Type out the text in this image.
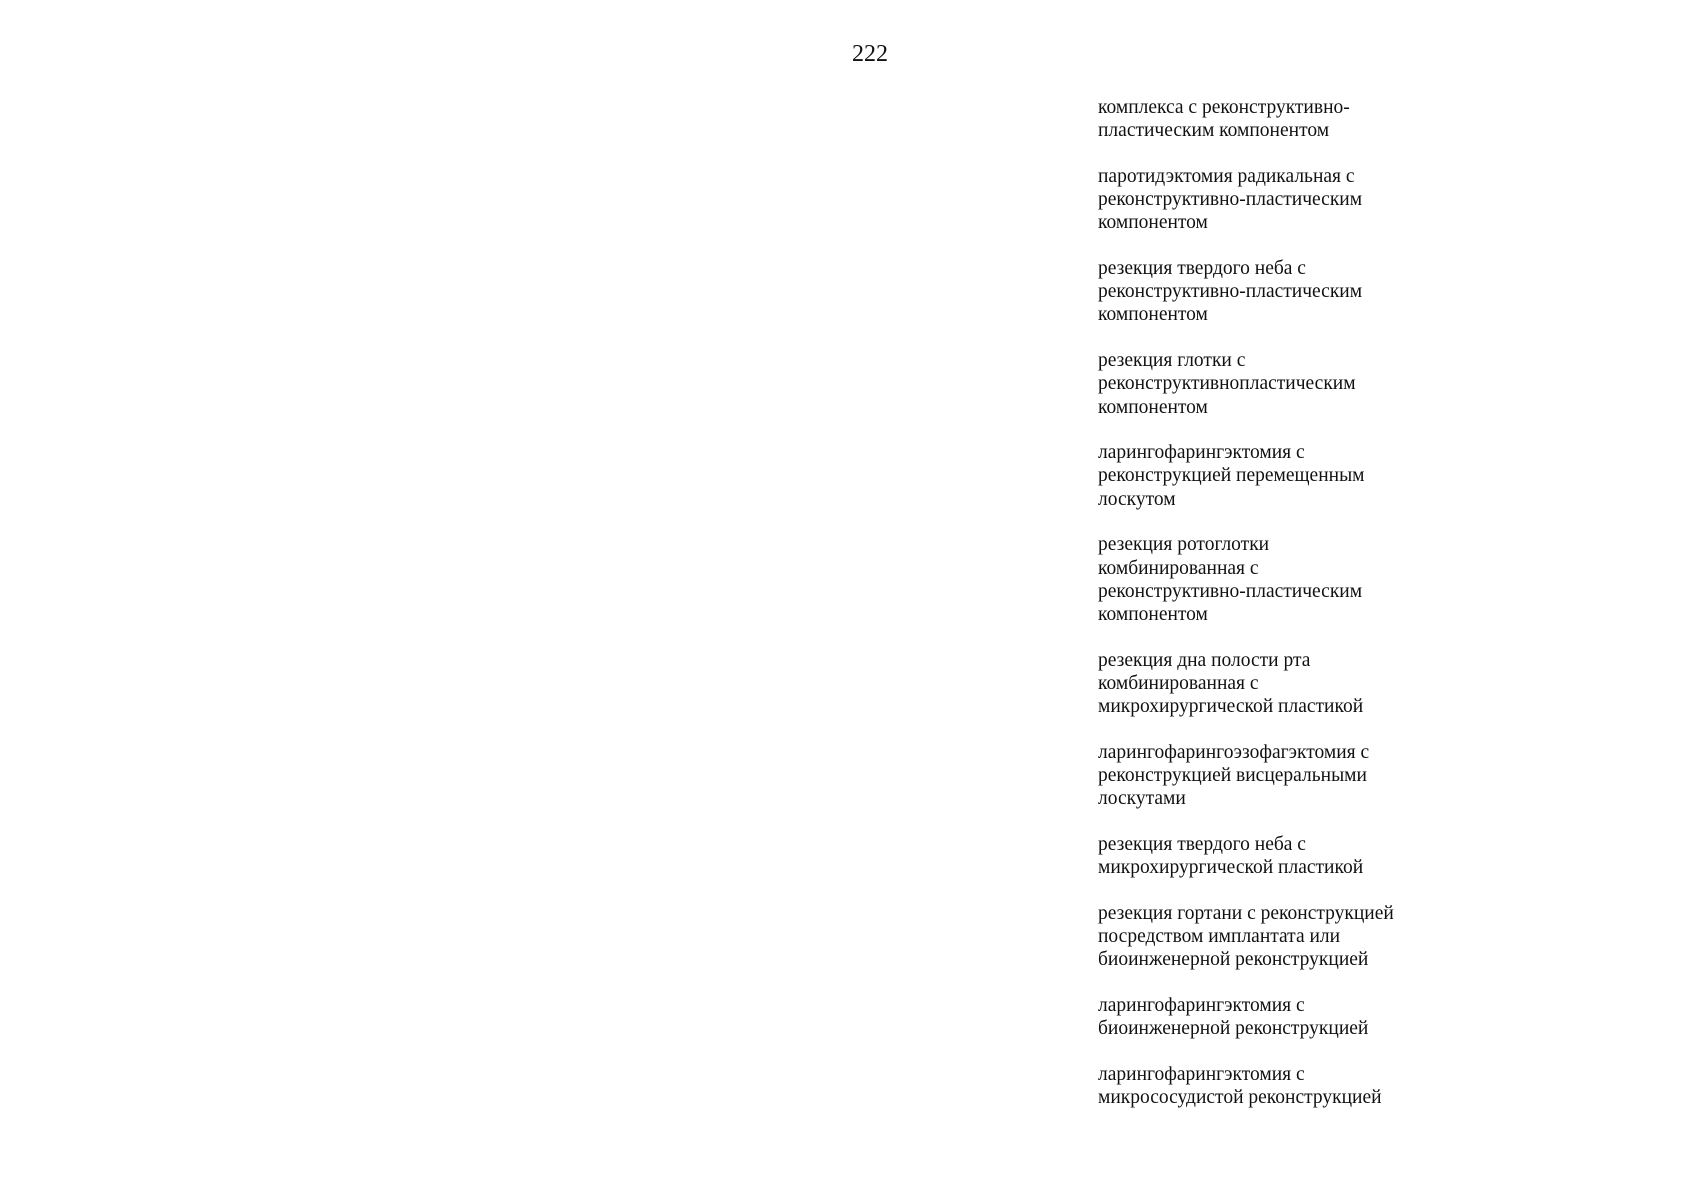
222
комплекса с реконструктивно-
пластическим компонентом
паротидэктомия радикальная с
реконструктивно-пластическим
компонентом
резекция твердого неба с
реконструктивно-пластическим
компонентом
резекция глотки с
реконструктивнопластическим
компонентом
ларингофарингэктомия с
реконструкцией перемещенным
лоскутом
резекция ротоглотки
комбинированная с
реконструктивно-пластическим
компонентом
резекция дна полости рта
комбинированная с
микрохирургической пластикой
ларингофарингоэзофагэктомия с
реконструкцией висцеральными
лоскутами
резекция твердого неба с
микрохирургической пластикой
резекция гортани с реконструкцией
посредством имплантата или
биоинженерной реконструкцией
ларингофарингэктомия с
биоинженерной реконструкцией
ларингофарингэктомия с
микрососудистой реконструкцией
